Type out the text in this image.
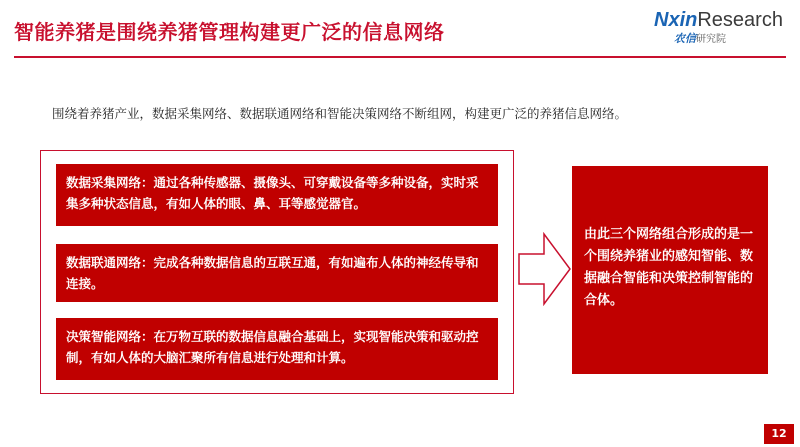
智能养猪是围绕养猪管理构建更广泛的信息网络	NxinResearch
农信研究院
围绕着养猪产业，数据采集网络、数据联通网络和智能决策网络不断组网，构建更广泛的养猪信息网络。
数据采集网络：通过各种传感器、摄像头、可穿戴设备等多种设备，实时采集多种状态信息，有如人体的眼、鼻、耳等感觉器官。
数据联通网络：完成各种数据信息的互联互通，有如遍布人体的神经传导和连接。
决策智能网络：在万物互联的数据信息融合基础上，实现智能决策和驱动控制，有如人体的大脑汇聚所有信息进行处理和计算。
由此三个网络组合形成的是一个围绕养猪业的感知智能、数据融合智能和决策控制智能的合体。
12
